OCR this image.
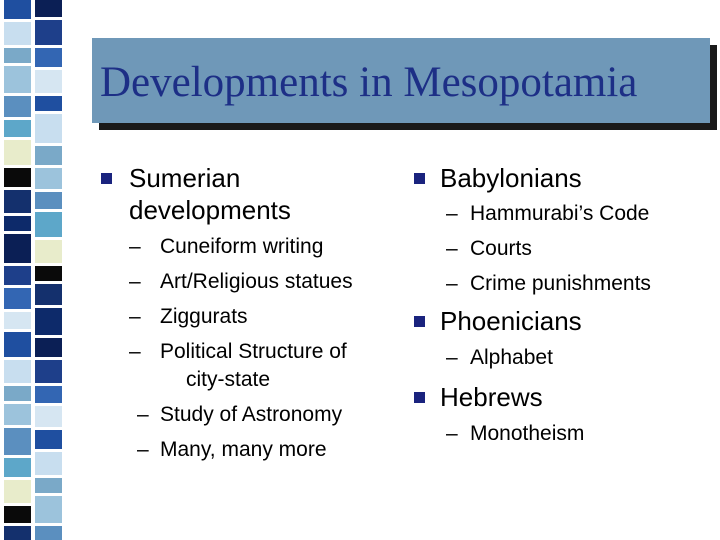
Developments in Mesopotamia
Sumerian
developments
– Cuneiform writing
– Art/Religious statues
– Ziggurats
– Political Structure of
city-state
– Study of Astronomy
– Many, many more
Babylonians
– Hammurabi’s Code
– Courts
– Crime punishments
Phoenicians
– Alphabet
Hebrews
– Monotheism
